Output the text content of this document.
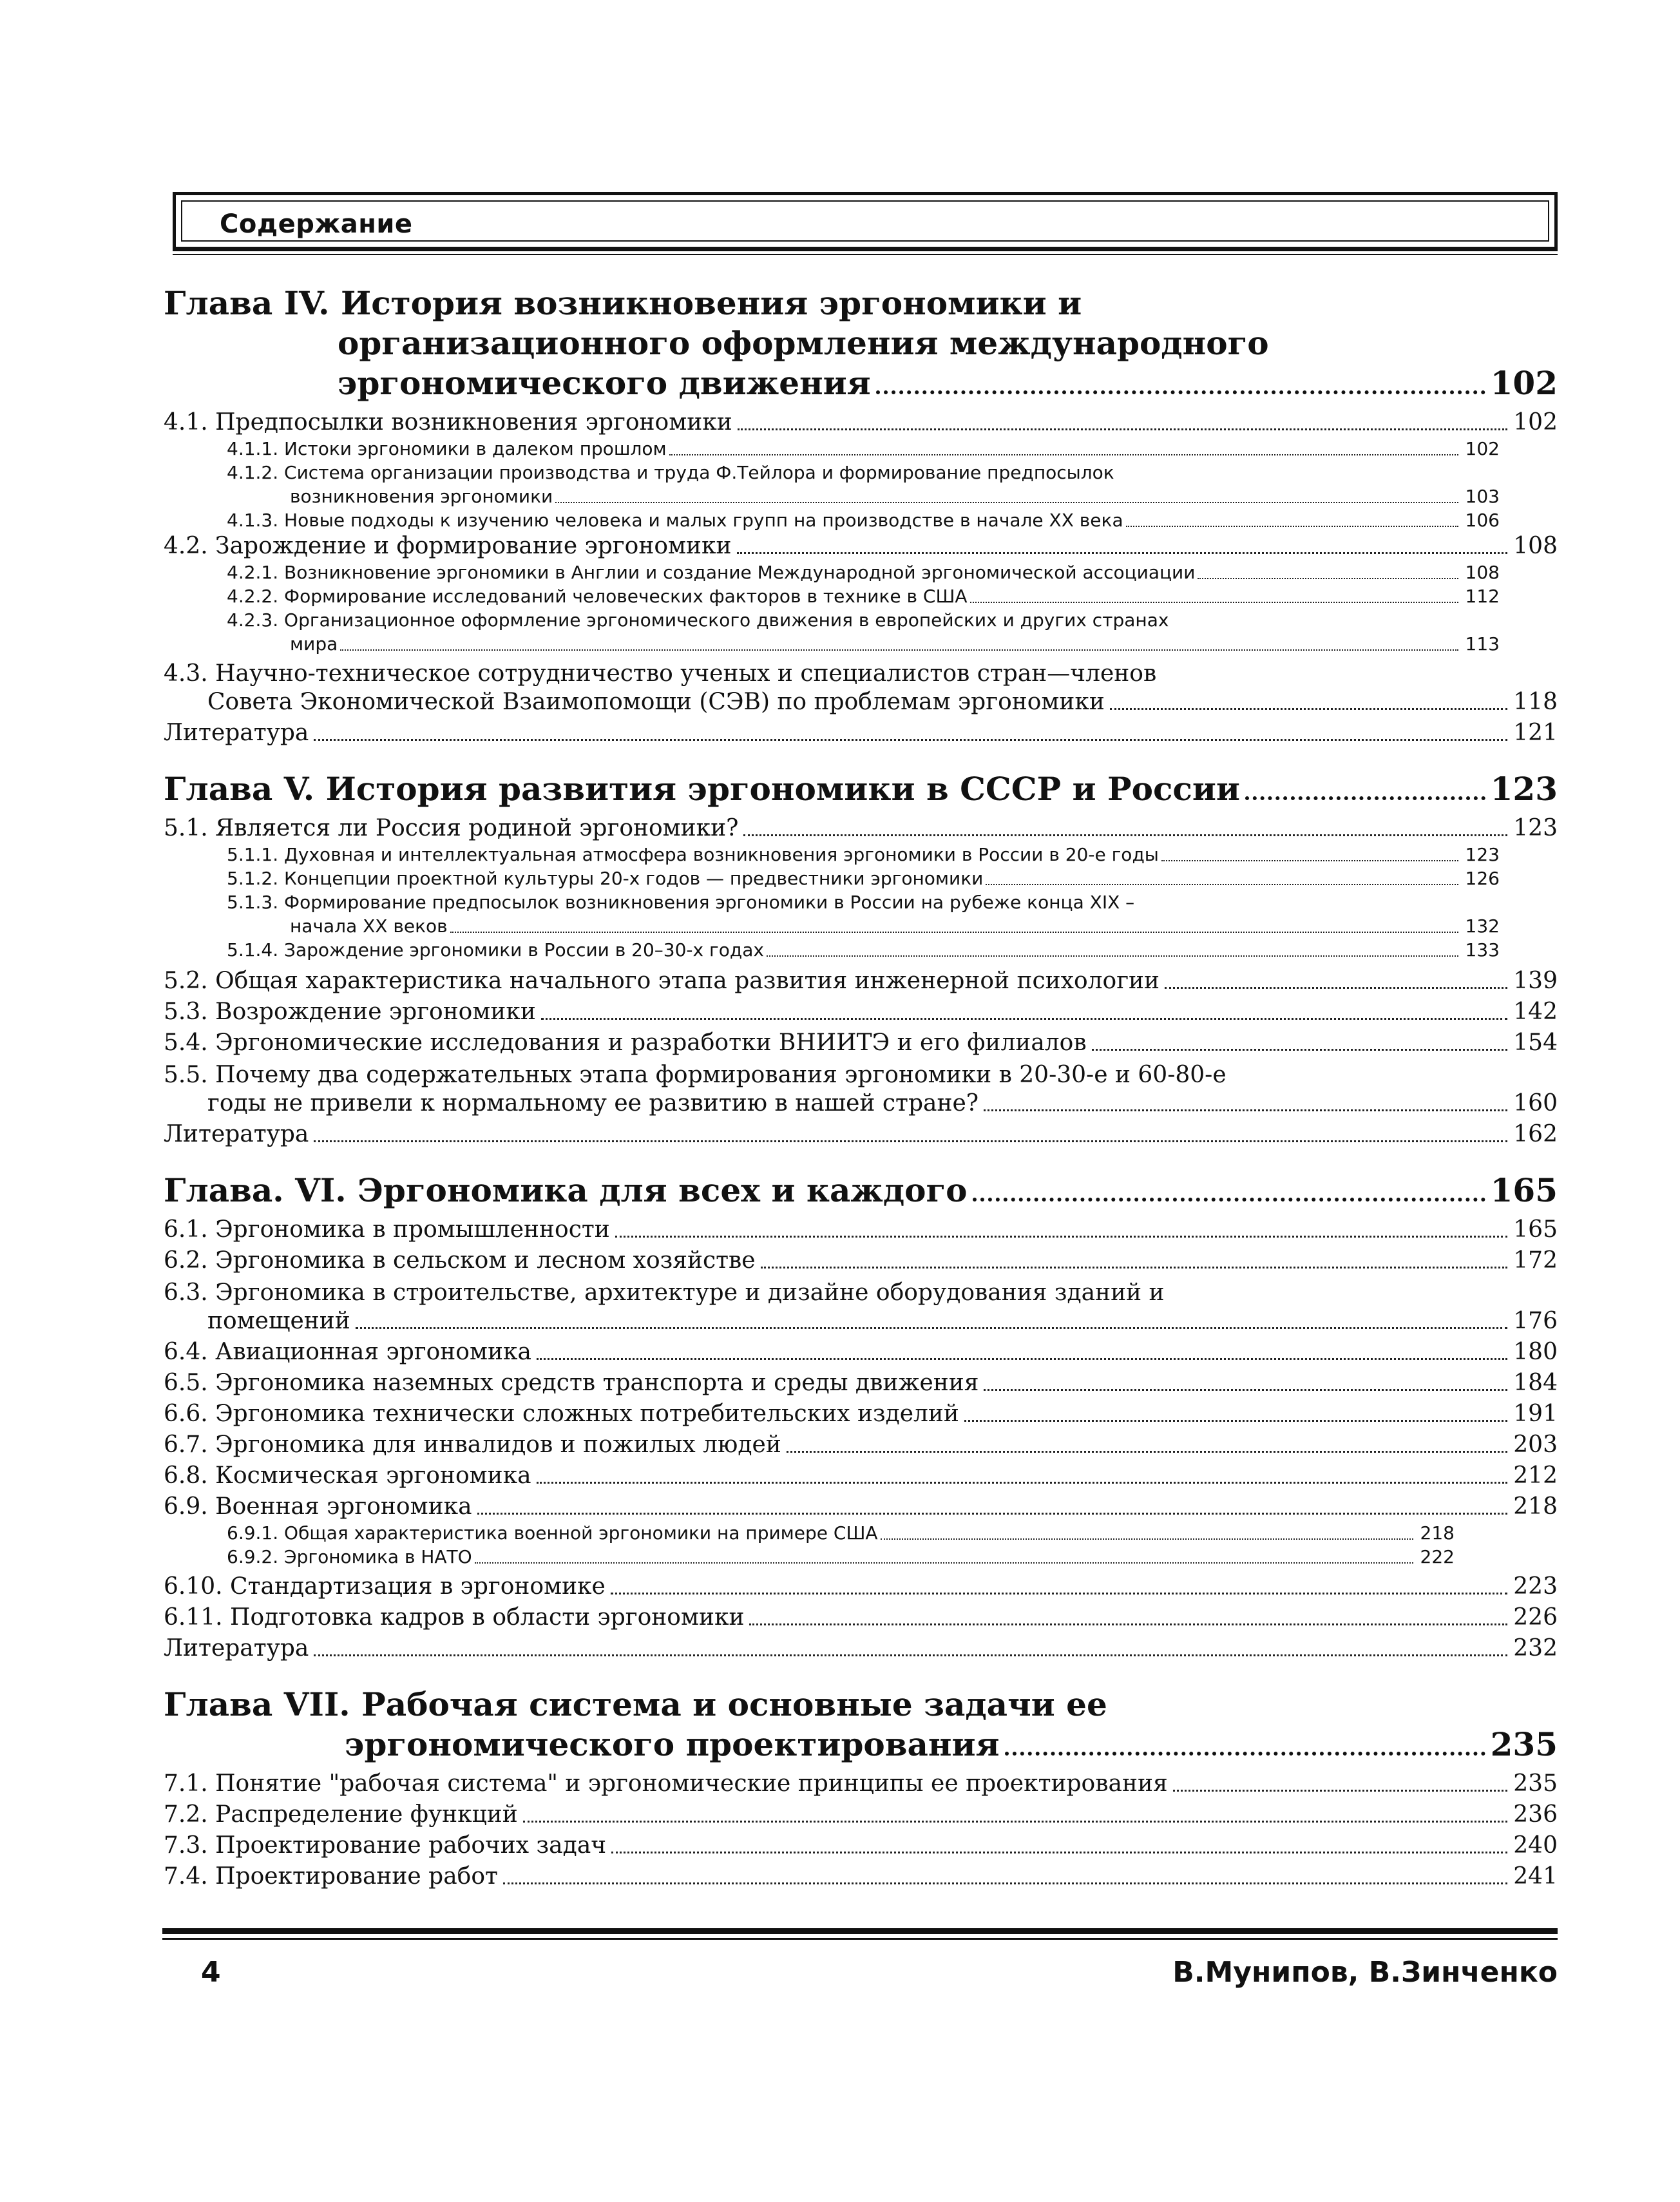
Содержание
Глава IV. История возникновения эргономики и
организационного оформления международного
эргономического движения	102
4.1. Предпосылки возникновения эргономики	102
4.1.1. Истоки эргономики в далеком прошлом	102
4.1.2. Система организации производства и труда Ф.Тейлора и формирование предпосылок
возникновения эргономики	103
4.1.3. Новые подходы к изучению человека и малых групп на производстве в начале XX века	106
4.2. Зарождение и формирование эргономики	108
4.2.1. Возникновение эргономики в Англии и создание Международной эргономической ассоциации	108
4.2.2. Формирование исследований человеческих факторов в технике в США	112
4.2.3. Организационное оформление эргономического движения в европейских и других странах
мира	113
4.3. Научно-техническое сотрудничество ученых и специалистов стран—членов
Совета Экономической Взаимопомощи (СЭВ) по проблемам эргономики	118
Литература	121
Глава V. История развития эргономики в СССР и России	123
5.1. Является ли Россия родиной эргономики?	123
5.1.1. Духовная и интеллектуальная атмосфера возникновения эргономики в России в 20-е годы	123
5.1.2. Концепции проектной культуры 20-х годов — предвестники эргономики	126
5.1.3. Формирование предпосылок возникновения эргономики в России на рубеже конца XIX –
начала XX веков	132
5.1.4. Зарождение эргономики в России в 20–30-х годах	133
5.2. Общая характеристика начального этапа развития инженерной психологии	139
5.3. Возрождение эргономики	142
5.4. Эргономические исследования и разработки ВНИИТЭ и его филиалов	154
5.5. Почему два содержательных этапа формирования эргономики в 20-30-е и 60-80-е
годы не привели к нормальному ее развитию в нашей стране?	160
Литература	162
Глава. VI. Эргономика для всех и каждого	165
6.1. Эргономика в промышленности	165
6.2. Эргономика в сельском и лесном хозяйстве	172
6.3. Эргономика в строительстве, архитектуре и дизайне оборудования зданий и
помещений	176
6.4. Авиационная эргономика	180
6.5. Эргономика наземных средств транспорта и среды движения	184
6.6. Эргономика технически сложных потребительских изделий	191
6.7. Эргономика для инвалидов и пожилых людей	203
6.8. Космическая эргономика	212
6.9. Военная эргономика	218
6.9.1. Общая характеристика военной эргономики на примере США	218
6.9.2. Эргономика в НАТО	222
6.10. Стандартизация в эргономике	223
6.11. Подготовка кадров в области эргономики	226
Литература	232
Глава VII. Рабочая система и основные задачи ее
эргономического проектирования	235
7.1. Понятие "рабочая система" и эргономические принципы ее проектирования	235
7.2. Распределение функций	236
7.3. Проектирование рабочих задач	240
7.4. Проектирование работ	241
4	В.Мунипов, В.Зинченко
